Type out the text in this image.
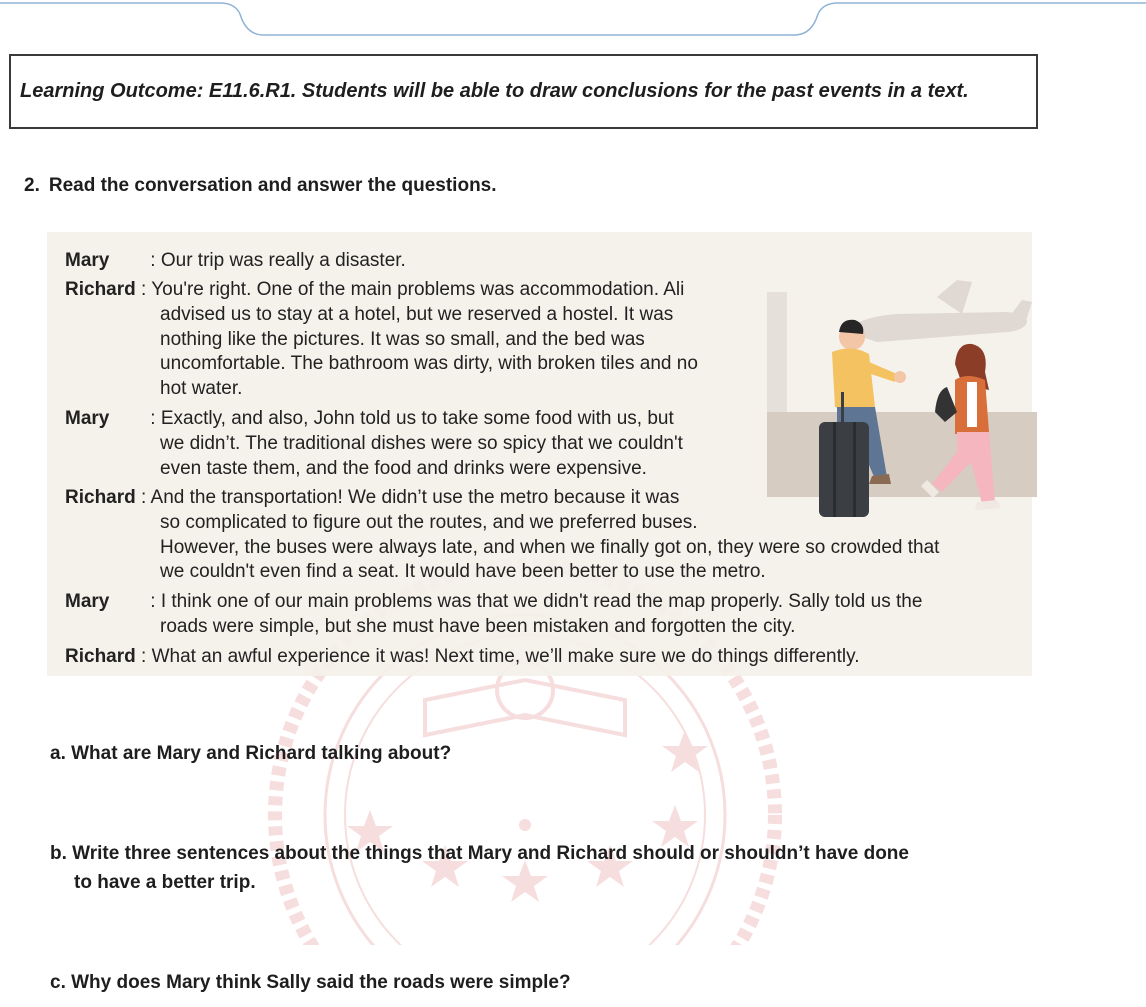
Learning Outcome: E11.6.R1. Students will be able to draw conclusions for the past events in a text.
2. Read the conversation and answer the questions.
Mary : Our trip was really a disaster.
Richard : You're right. One of the main problems was accommodation. Ali
advised us to stay at a hotel, but we reserved a hostel. It was
nothing like the pictures. It was so small, and the bed was
uncomfortable. The bathroom was dirty, with broken tiles and no
hot water.
Mary : Exactly, and also, John told us to take some food with us, but
we didn’t. The traditional dishes were so spicy that we couldn't
even taste them, and the food and drinks were expensive.
Richard : And the transportation! We didn’t use the metro because it was
so complicated to figure out the routes, and we preferred buses.
However, the buses were always late, and when we finally got on, they were so crowded that
we couldn't even find a seat. It would have been better to use the metro.
Mary : I think one of our main problems was that we didn't read the map properly. Sally told us the
roads were simple, but she must have been mistaken and forgotten the city.
Richard : What an awful experience it was! Next time, we’ll make sure we do things differently.
a. What are Mary and Richard talking about?
b. Write three sentences about the things that Mary and Richard should or shouldn’t have done
to have a better trip.
c. Why does Mary think Sally said the roads were simple?
